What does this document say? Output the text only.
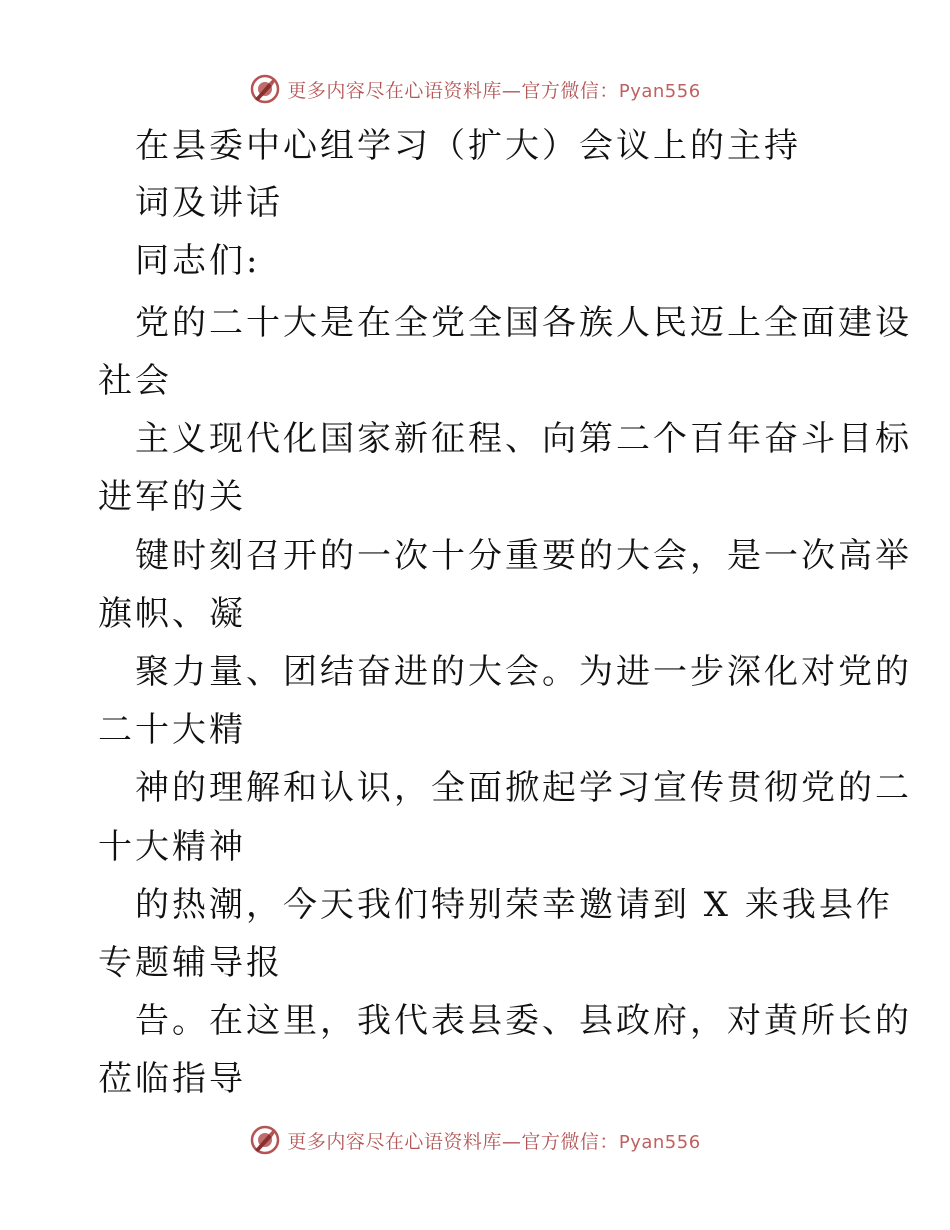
更多内容尽在心语资料库—官方微信：Pyan556
在县委中心组学习（扩大）会议上的主持
词及讲话

同志们:

党的二十大是在全党全国各族人民迈上全面建设

社会

主义现代化国家新征程、向第二个百年奋斗目标

进军的关

键时刻召开的一次十分重要的大会，是一次高举

旗帜、凝

聚力量、团结奋进的大会。为进一步深化对党的

二十大精

神的理解和认识，全面掀起学习宣传贯彻党的二

十大精神

的热潮，今天我们特别荣幸邀请到 X 来我县作

专题辅导报

告。在这里，我代表县委、县政府，对黄所长的

莅临指导

更多内容尽在心语资料库—官方微信：Pyan556
